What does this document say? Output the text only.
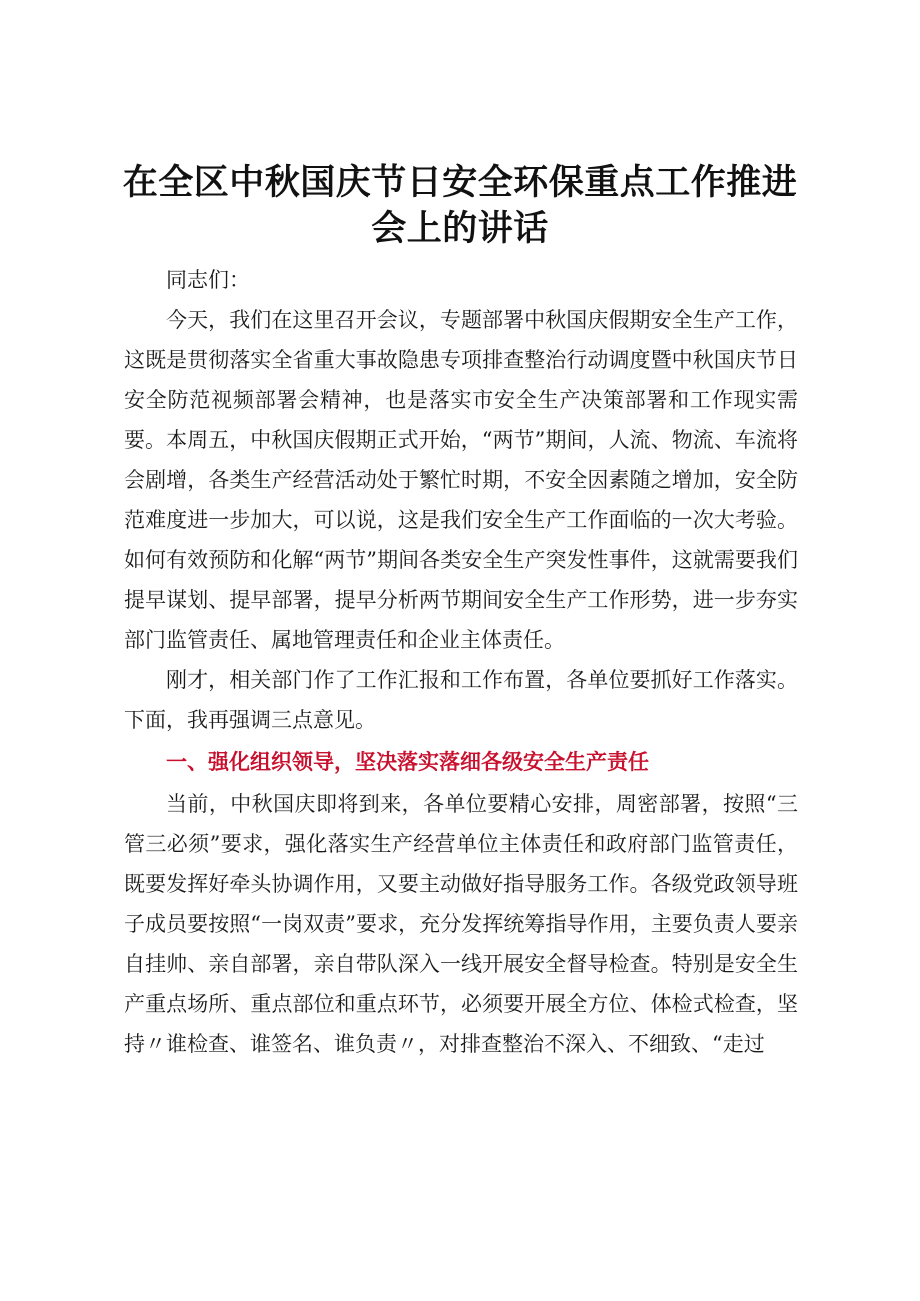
在全区中秋国庆节日安全环保重点工作推进会上的讲话

同志们：

今天，我们在这里召开会议，专题部署中秋国庆假期安全生产工作，这既是贯彻落实全省重大事故隐患专项排查整治行动调度暨中秋国庆节日安全防范视频部署会精神，也是落实市安全生产决策部署和工作现实需要。本周五，中秋国庆假期正式开始，“两节”期间，人流、物流、车流将会剧增，各类生产经营活动处于繁忙时期，不安全因素随之增加，安全防范难度进一步加大，可以说，这是我们安全生产工作面临的一次大考验。如何有效预防和化解“两节”期间各类安全生产突发性事件，这就需要我们提早谋划、提早部署，提早分析两节期间安全生产工作形势，进一步夯实部门监管责任、属地管理责任和企业主体责任。

刚才，相关部门作了工作汇报和工作布置，各单位要抓好工作落实。下面，我再强调三点意见。

一、强化组织领导，坚决落实落细各级安全生产责任

当前，中秋国庆即将到来，各单位要精心安排，周密部署，按照“三管三必须”要求，强化落实生产经营单位主体责任和政府部门监管责任，既要发挥好牵头协调作用，又要主动做好指导服务工作。各级党政领导班子成员要按照“一岗双责”要求，充分发挥统筹指导作用，主要负责人要亲自挂帅、亲自部署，亲自带队深入一线开展安全督导检查。特别是安全生产重点场所、重点部位和重点环节，必须要开展全方位、体检式检查，坚持〃谁检查、谁签名、谁负责〃，对排查整治不深入、不细致、“走过
